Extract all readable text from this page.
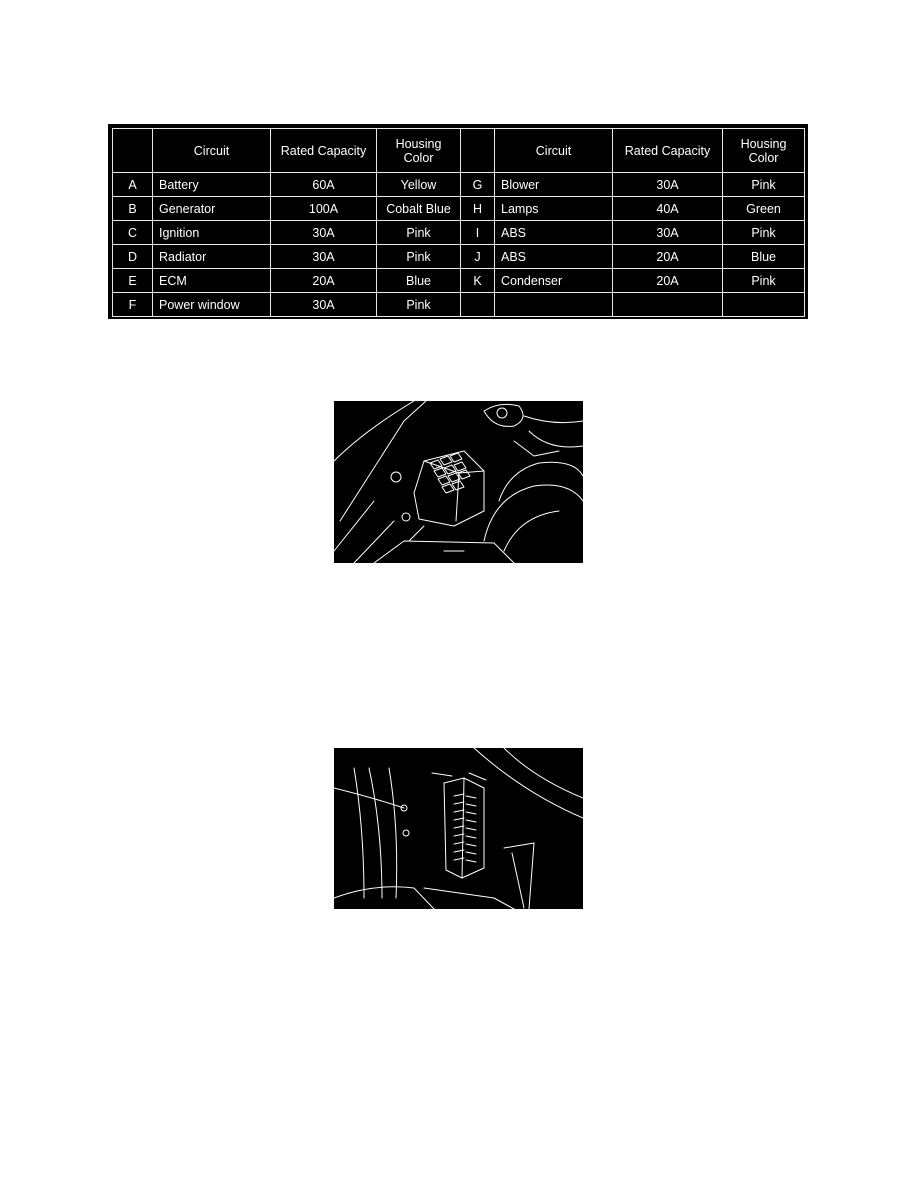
	Circuit	Rated Capacity	Housing Color		Circuit	Rated Capacity	Housing Color
A	Battery	60A	Yellow	G	Blower	30A	Pink
B	Generator	100A	Cobalt Blue	H	Lamps	40A	Green
C	Ignition	30A	Pink	I	ABS	30A	Pink
D	Radiator	30A	Pink	J	ABS	20A	Blue
E	ECM	20A	Blue	K	Condenser	20A	Pink
F	Power window	30A	Pink				
